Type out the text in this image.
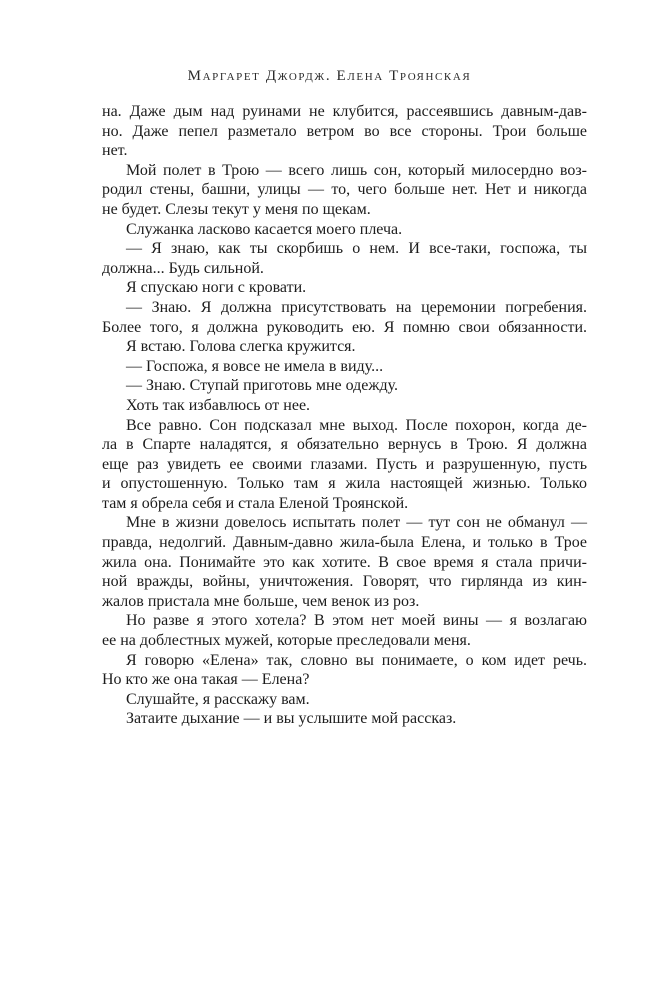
Маргарет Джордж. Елена Троянская
на. Даже дым над руинами не клубится, рассеявшись давным-дав-
но. Даже пепел разметало ветром во все стороны. Трои больше
нет.
Мой полет в Трою — всего лишь сон, который милосердно воз-
родил стены, башни, улицы — то, чего больше нет. Нет и никогда
не будет. Слезы текут у меня по щекам.
Служанка ласково касается моего плеча.
— Я знаю, как ты скорбишь о нем. И все-таки, госпожа, ты
должна... Будь сильной.
Я спускаю ноги с кровати.
— Знаю. Я должна присутствовать на церемонии погребения.
Более того, я должна руководить ею. Я помню свои обязанности.
Я встаю. Голова слегка кружится.
— Госпожа, я вовсе не имела в виду...
— Знаю. Ступай приготовь мне одежду.
Хоть так избавлюсь от нее.
Все равно. Сон подсказал мне выход. После похорон, когда де-
ла в Спарте наладятся, я обязательно вернусь в Трою. Я должна
еще раз увидеть ее своими глазами. Пусть и разрушенную, пусть
и опустошенную. Только там я жила настоящей жизнью. Только
там я обрела себя и стала Еленой Троянской.
Мне в жизни довелось испытать полет — тут сон не обманул —
правда, недолгий. Давным-давно жила-была Елена, и только в Трое
жила она. Понимайте это как хотите. В свое время я стала причи-
ной вражды, войны, уничтожения. Говорят, что гирлянда из кин-
жалов пристала мне больше, чем венок из роз.
Но разве я этого хотела? В этом нет моей вины — я возлагаю
ее на доблестных мужей, которые преследовали меня.
Я говорю «Елена» так, словно вы понимаете, о ком идет речь.
Но кто же она такая — Елена?
Слушайте, я расскажу вам.
Затаите дыхание — и вы услышите мой рассказ.
